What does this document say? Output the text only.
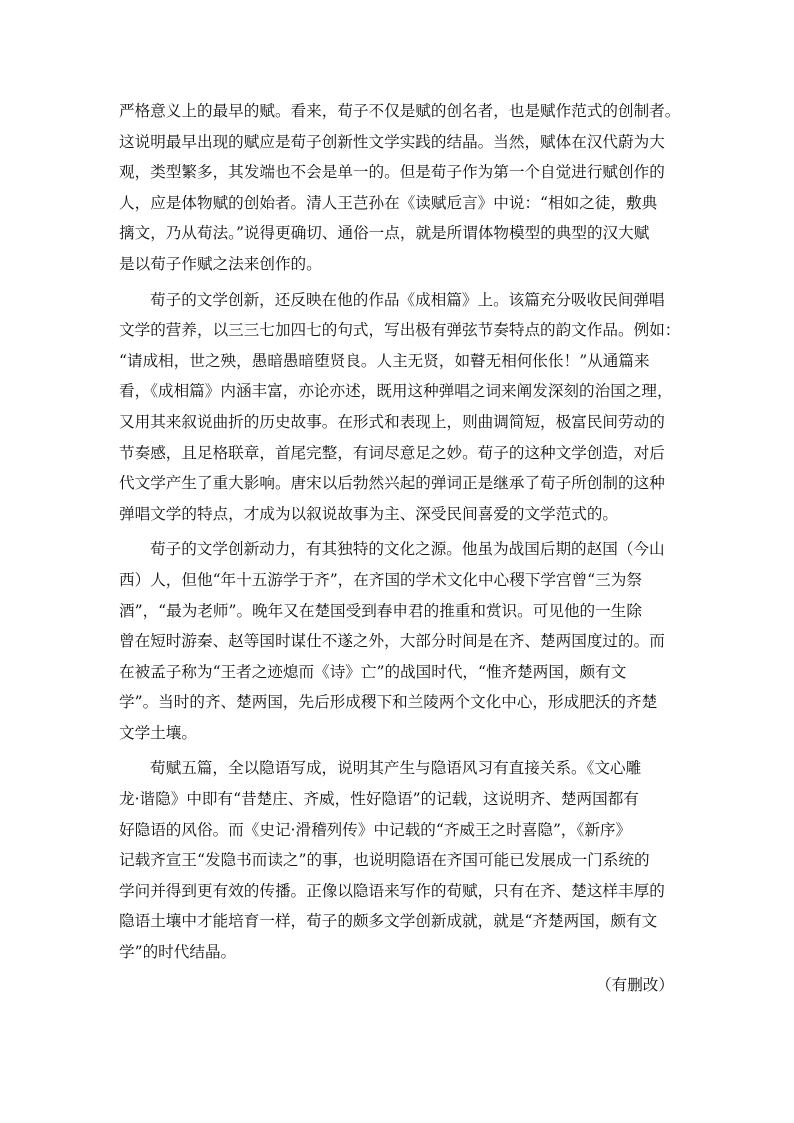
严格意义上的最早的赋。看来，荀子不仅是赋的创名者，也是赋作范式的创制者。
这说明最早出现的赋应是荀子创新性文学实践的结晶。当然，赋体在汉代蔚为大
观，类型繁多，其发端也不会是单一的。但是荀子作为第一个自觉进行赋创作的
人，应是体物赋的创始者。清人王芑孙在《读赋卮言》中说：“相如之徒，敷典
摛文，乃从荀法。”说得更确切、通俗一点，就是所谓体物模型的典型的汉大赋
是以荀子作赋之法来创作的。
荀子的文学创新，还反映在他的作品《成相篇》上。该篇充分吸收民间弹唱
文学的营养，以三三七加四七的句式，写出极有弹弦节奏特点的韵文作品。例如：
“请成相，世之殃，愚暗愚暗堕贤良。人主无贤，如瞽无相何伥伥！”从通篇来
看，《成相篇》内涵丰富，亦论亦述，既用这种弹唱之词来阐发深刻的治国之理，
又用其来叙说曲折的历史故事。在形式和表现上，则曲调简短，极富民间劳动的
节奏感，且足格联章，首尾完整，有词尽意足之妙。荀子的这种文学创造，对后
代文学产生了重大影响。唐宋以后勃然兴起的弹词正是继承了荀子所创制的这种
弹唱文学的特点，才成为以叙说故事为主、深受民间喜爱的文学范式的。
荀子的文学创新动力，有其独特的文化之源。他虽为战国后期的赵国（今山
西）人，但他“年十五游学于齐”，在齐国的学术文化中心稷下学宫曾“三为祭
酒”，“最为老师”。晚年又在楚国受到春申君的推重和赏识。可见他的一生除
曾在短时游秦、赵等国时谋仕不遂之外，大部分时间是在齐、楚两国度过的。而
在被孟子称为“王者之迹熄而《诗》亡”的战国时代，“惟齐楚两国，颇有文
学”。当时的齐、楚两国，先后形成稷下和兰陵两个文化中心，形成肥沃的齐楚
文学土壤。
荀赋五篇，全以隐语写成，说明其产生与隐语风习有直接关系。《文心雕
龙·谐隐》中即有“昔楚庄、齐威，性好隐语”的记载，这说明齐、楚两国都有
好隐语的风俗。而《史记·滑稽列传》中记载的“齐威王之时喜隐”，《新序》
记载齐宣王“发隐书而读之”的事，也说明隐语在齐国可能已发展成一门系统的
学问并得到更有效的传播。正像以隐语来写作的荀赋，只有在齐、楚这样丰厚的
隐语土壤中才能培育一样，荀子的颇多文学创新成就，就是“齐楚两国，颇有文
学”的时代结晶。
（有删改）
